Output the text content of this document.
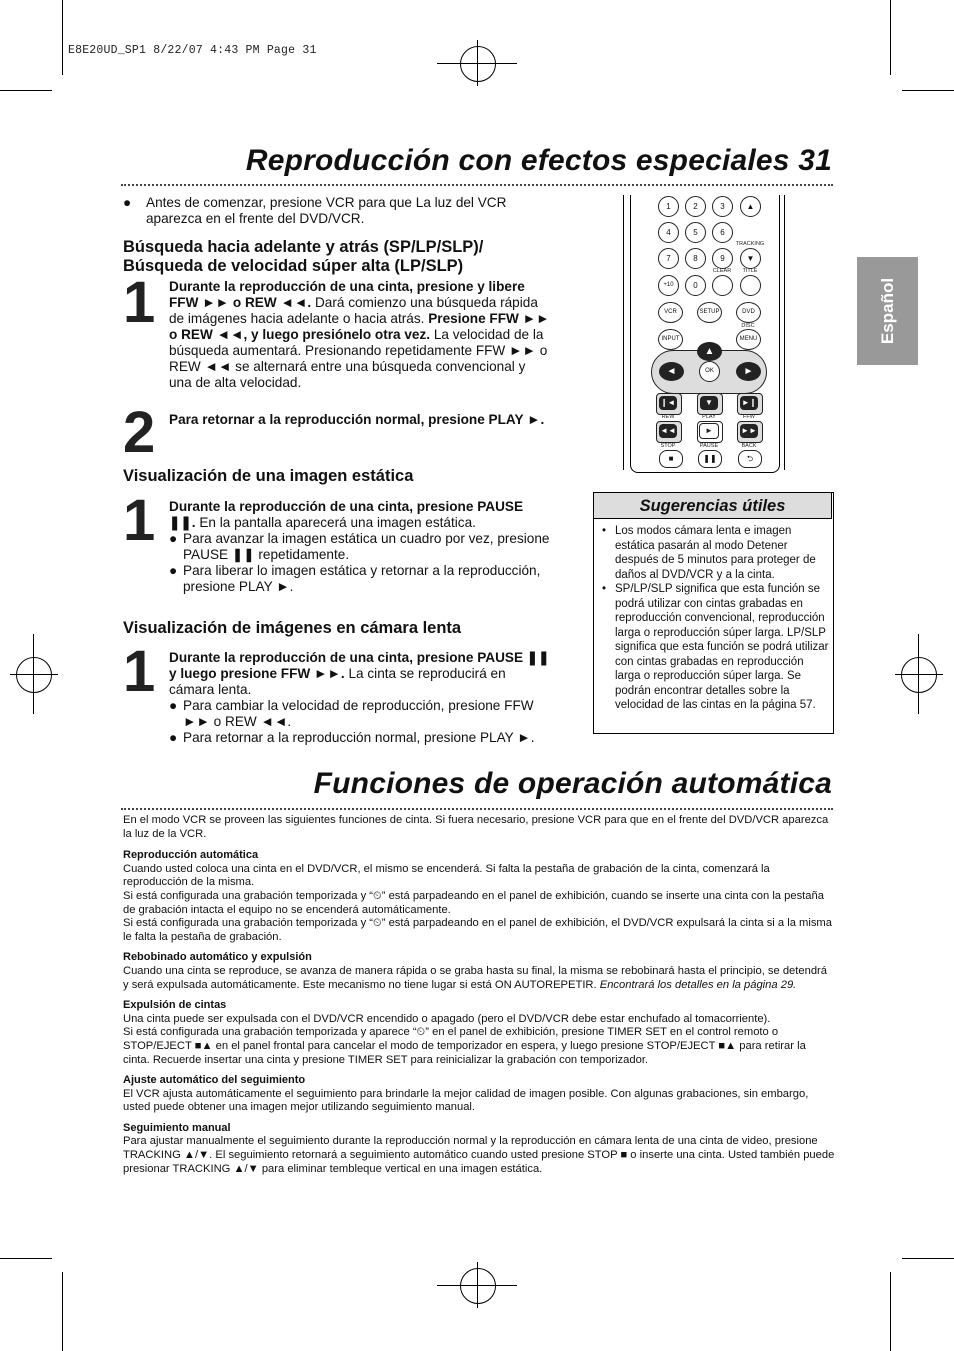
E8E20UD_SP1 8/22/07 4:43 PM Page 31
Reproducción con efectos especiales 31
●	Antes de comenzar, presione VCR para que La luz del VCR aparezca en el frente del DVD/VCR.
Búsqueda hacia adelante y atrás (SP/LP/SLP)/
Búsqueda de velocidad súper alta (LP/SLP)
1 Durante la reproducción de una cinta, presione y libere FFW ►► o REW ◄◄. Dará comienzo una búsqueda rápida de imágenes hacia adelante o hacia atrás. Presione FFW ►► o REW ◄◄, y luego presiónelo otra vez. La velocidad de la búsqueda aumentará. Presionando repetidamente FFW ►► o REW ◄◄ se alternará entre una búsqueda convencional y una de alta velocidad.
2 Para retornar a la reproducción normal, presione PLAY ►.
Visualización de una imagen estática
1 Durante la reproducción de una cinta, presione PAUSE ❚❚. En la pantalla aparecerá una imagen estática.
● Para avanzar la imagen estática un cuadro por vez, presione PAUSE ❚❚ repetidamente.
● Para liberar lo imagen estática y retornar a la reproducción, presione PLAY ►.
Visualización de imágenes en cámara lenta
1 Durante la reproducción de una cinta, presione PAUSE ❚❚ y luego presione FFW ►►. La cinta se reproducirá en cámara lenta.
● Para cambiar la velocidad de reproducción, presione FFW ►► o REW ◄◄.
● Para retornar a la reproducción normal, presione PLAY ►.
Español
1	2	3	▲
4	5	6
TRACKING
7	8	9	▼
CLEAR	TITLE
+10	0
VCR	SETUP	DVD
DISC
INPUT	MENU
▲
◄	OK	►
❙◄	▼	►❙
REW	PLAY	FFW
◄◄	►	►►
STOP	PAUSE	BACK
■	❚❚	⮌
Sugerencias útiles
• Los modos cámara lenta e imagen estática pasarán al modo Detener después de 5 minutos para proteger de daños al DVD/VCR y a la cinta.
• SP/LP/SLP significa que esta función se podrá utilizar con cintas grabadas en reproducción convencional, reproducción larga o reproducción súper larga. LP/SLP significa que esta función se podrá utilizar con cintas grabadas en reproducción larga o reproducción súper larga. Se podrán encontrar detalles sobre la velocidad de las cintas en la página 57.
Funciones de operación automática
En el modo VCR se proveen las siguientes funciones de cinta. Si fuera necesario, presione VCR para que en el frente del DVD/VCR aparezca la luz de la VCR.
Reproducción automática
Cuando usted coloca una cinta en el DVD/VCR, el mismo se encenderá. Si falta la pestaña de grabación de la cinta, comenzará la reproducción de la misma.
Si está configurada una grabación temporizada y “⏲” está parpadeando en el panel de exhibición, cuando se inserte una cinta con la pestaña de grabación intacta el equipo no se encenderá automáticamente.
Si está configurada una grabación temporizada y “⏲” está parpadeando en el panel de exhibición, el DVD/VCR expulsará la cinta si a la misma le falta la pestaña de grabación.
Rebobinado automático y expulsión
Cuando una cinta se reproduce, se avanza de manera rápida o se graba hasta su final, la misma se rebobinará hasta el principio, se detendrá y será expulsada automáticamente. Este mecanismo no tiene lugar si está ON AUTOREPETIR. Encontrará los detalles en la página 29.
Expulsión de cintas
Una cinta puede ser expulsada con el DVD/VCR encendido o apagado (pero el DVD/VCR debe estar enchufado al tomacorriente).
Si está configurada una grabación temporizada y aparece “⏲” en el panel de exhibición, presione TIMER SET en el control remoto o STOP/EJECT ■▲ en el panel frontal para cancelar el modo de temporizador en espera, y luego presione STOP/EJECT ■▲ para retirar la cinta. Recuerde insertar una cinta y presione TIMER SET para reinicializar la grabación con temporizador.
Ajuste automático del seguimiento
El VCR ajusta automáticamente el seguimiento para brindarle la mejor calidad de imagen posible. Con algunas grabaciones, sin embargo, usted puede obtener una imagen mejor utilizando seguimiento manual.
Seguimiento manual
Para ajustar manualmente el seguimiento durante la reproducción normal y la reproducción en cámara lenta de una cinta de video, presione TRACKING ▲/▼. El seguimiento retornará a seguimiento automático cuando usted presione STOP ■ o inserte una cinta. Usted también puede presionar TRACKING ▲/▼ para eliminar tembleque vertical en una imagen estática.
